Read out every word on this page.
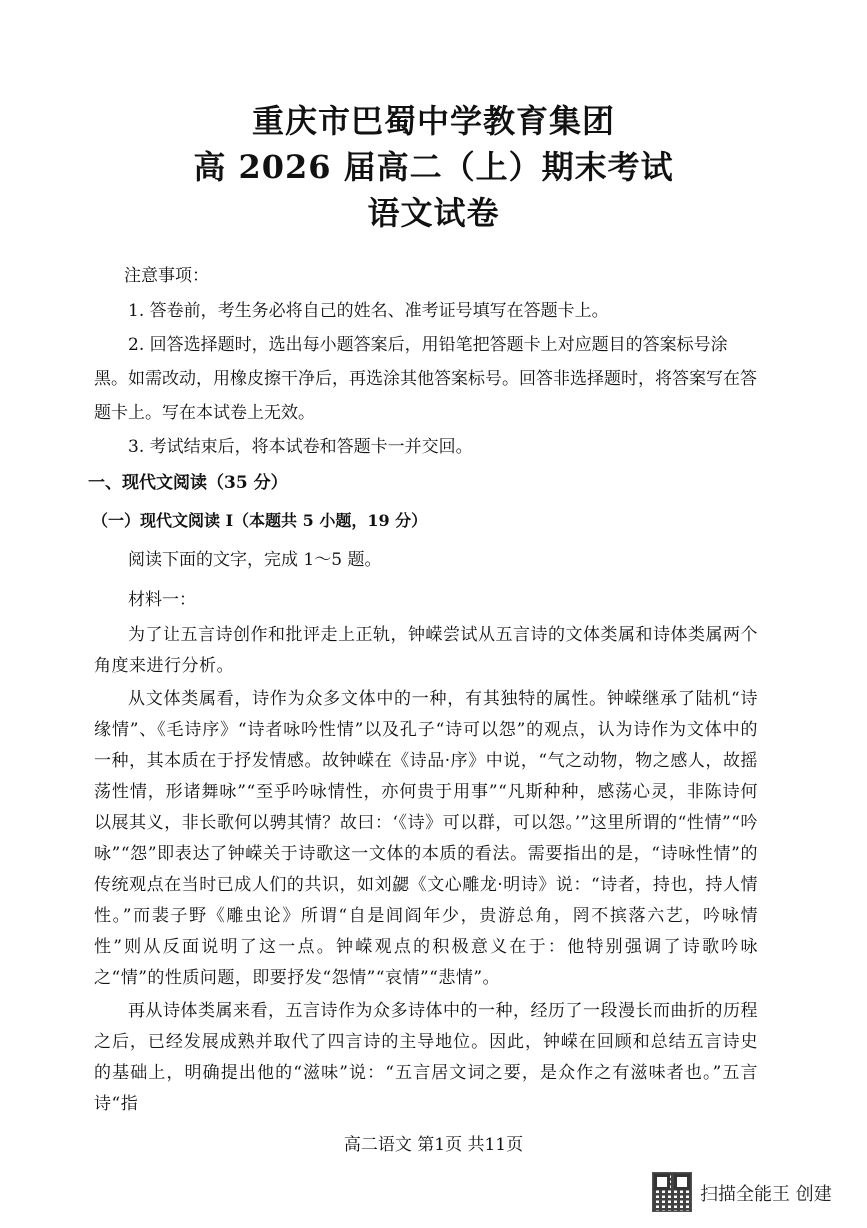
重庆市巴蜀中学教育集团
高 2026 届高二（上）期末考试
语文试卷
注意事项：
1. 答卷前，考生务必将自己的姓名、准考证号填写在答题卡上。
2. 回答选择题时，选出每小题答案后，用铅笔把答题卡上对应题目的答案标号涂黑。如需改动，用橡皮擦干净后，再选涂其他答案标号。回答非选择题时，将答案写在答题卡上。写在本试卷上无效。
3. 考试结束后，将本试卷和答题卡一并交回。
一、现代文阅读（35 分）
（一）现代文阅读 I（本题共 5 小题，19 分）
阅读下面的文字，完成 1～5 题。
材料一：
为了让五言诗创作和批评走上正轨，钟嵘尝试从五言诗的文体类属和诗体类属两个角度来进行分析。
从文体类属看，诗作为众多文体中的一种，有其独特的属性。钟嵘继承了陆机“诗缘情”、《毛诗序》“诗者咏吟性情”以及孔子“诗可以怨”的观点，认为诗作为文体中的一种，其本质在于抒发情感。故钟嵘在《诗品·序》中说，“气之动物，物之感人，故摇荡性情，形诸舞咏”“至乎吟咏情性，亦何贵于用事”“凡斯种种，感荡心灵，非陈诗何以展其义，非长歌何以骋其情？故曰：‘《诗》可以群，可以怨。’”这里所谓的“性情”“吟咏”“怨”即表达了钟嵘关于诗歌这一文体的本质的看法。需要指出的是，“诗咏性情”的传统观点在当时已成人们的共识，如刘勰《文心雕龙·明诗》说：“诗者，持也，持人情性。”而裴子野《雕虫论》所谓“自是闾阎年少，贵游总角，罔不摈落六艺，吟咏情性”则从反面说明了这一点。钟嵘观点的积极意义在于：他特别强调了诗歌吟咏之“情”的性质问题，即要抒发“怨情”“哀情”“悲情”。
再从诗体类属来看，五言诗作为众多诗体中的一种，经历了一段漫长而曲折的历程之后，已经发展成熟并取代了四言诗的主导地位。因此，钟嵘在回顾和总结五言诗史的基础上，明确提出他的“滋味”说：“五言居文词之要，是众作之有滋味者也。”五言诗“指
高二语文 第1页 共11页
扫描全能王 创建
